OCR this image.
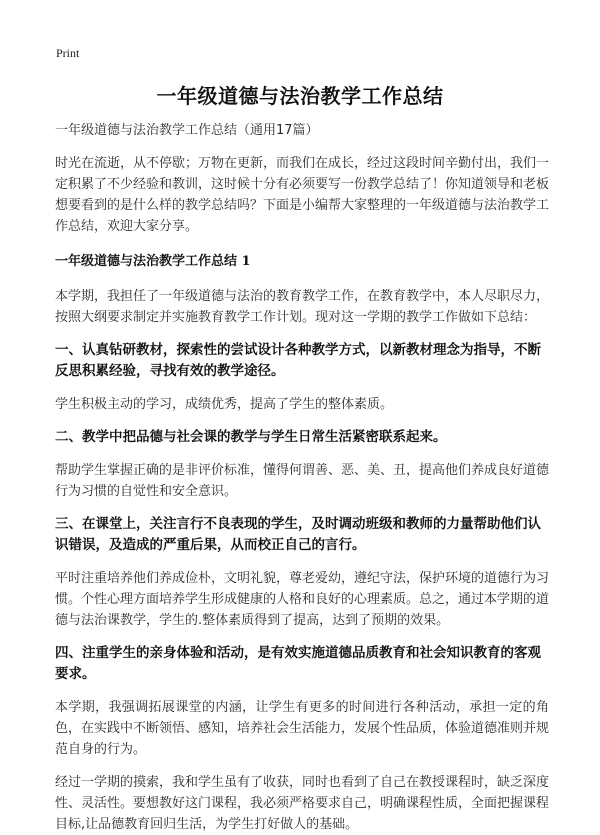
Print
一年级道德与法治教学工作总结

一年级道德与法治教学工作总结（通用17篇）

时光在流逝，从不停歇；万物在更新，而我们在成长，经过这段时间辛勤付出，我们一定积累了不少经验和教训，这时候十分有必须要写一份教学总结了！你知道领导和老板想要看到的是什么样的教学总结吗？下面是小编帮大家整理的一年级道德与法治教学工作总结，欢迎大家分享。

一年级道德与法治教学工作总结 1

本学期，我担任了一年级道德与法治的教育教学工作，在教育教学中，本人尽职尽力，按照大纲要求制定并实施教育教学工作计划。现对这一学期的教学工作做如下总结：

一、认真钻研教材，探索性的尝试设计各种教学方式，以新教材理念为指导，不断反思积累经验，寻找有效的教学途径。

学生积极主动的学习，成绩优秀，提高了学生的整体素质。

二、教学中把品德与社会课的教学与学生日常生活紧密联系起来。

帮助学生掌握正确的是非评价标准，懂得何谓善、恶、美、丑，提高他们养成良好道德行为习惯的自觉性和安全意识。

三、在课堂上，关注言行不良表现的学生，及时调动班级和教师的力量帮助他们认识错误，及造成的严重后果，从而校正自己的言行。

平时注重培养他们养成俭朴，文明礼貌，尊老爱幼，遵纪守法，保护环境的道德行为习惯。个性心理方面培养学生形成健康的人格和良好的心理素质。总之，通过本学期的道德与法治课教学，学生的.整体素质得到了提高，达到了预期的效果。

四、注重学生的亲身体验和活动，是有效实施道德品质教育和社会知识教育的客观要求。

本学期，我强调拓展课堂的内涵，让学生有更多的时间进行各种活动，承担一定的角色，在实践中不断领悟、感知，培养社会生活能力，发展个性品质，体验道德准则并规范自身的行为。

经过一学期的摸索，我和学生虽有了收获，同时也看到了自己在教授课程时，缺乏深度性、灵活性。要想教好这门课程，我必须严格要求自己，明确课程性质，全面把握课程目标,让品德教育回归生活，为学生打好做人的基础。
